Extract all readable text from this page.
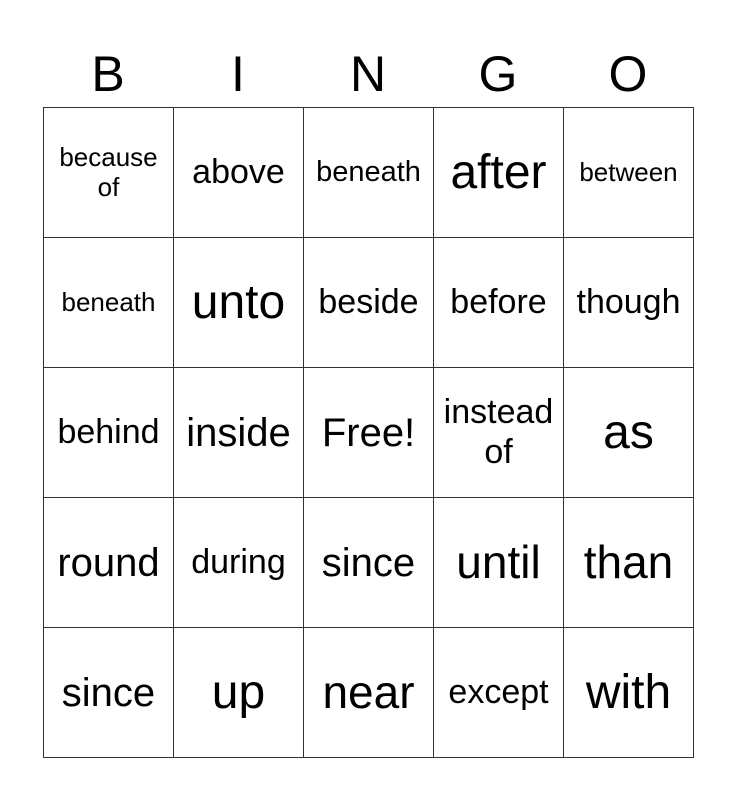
B	I	N	G	O
because of	above	beneath	after	between
beneath	unto	beside	before	though
behind	inside	Free!	instead of	as
round	during	since	until	than
since	up	near	except	with
